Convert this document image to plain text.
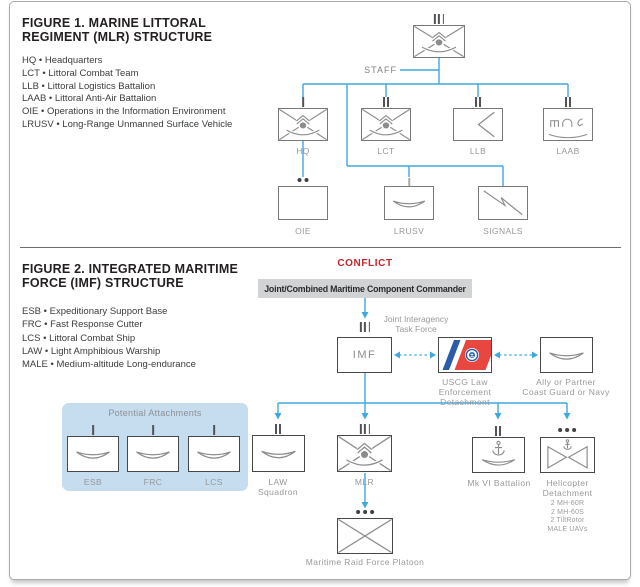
FIGURE 1. MARINE LITTORAL
REGIMENT (MLR) STRUCTURE
HQ • Headquarters
LCT • Littoral Combat Team
LLB • Littoral Logistics Battalion
LAAB • Littoral Anti-Air Battalion
OIE • Operations in the Information Environment
LRUSV • Long-Range Unmanned Surface Vehicle
STAFF
HQ	LCT	LLB	LAAB
OIE	LRUSV	SIGNALS
FIGURE 2. INTEGRATED MARITIME
FORCE (IMF) STRUCTURE
ESB • Expeditionary Support Base
FRC • Fast Response Cutter
LCS • Littoral Combat Ship
LAW • Light Amphibious Warship
MALE • Medium-altitude Long-endurance
CONFLICT
Joint/Combined Maritime Component Commander
Joint Interagency
Task Force
IMF
USCG Law Enforcement
Detachment
Ally or Partner
Coast Guard or Navy
Potential Attachments
ESB	FRC	LCS	LAW
Squadron
MLR	Mk VI Battalion	Helicopter
Detachment
2 MH-60R
2 MH-60S
2 TiltRotor
MALE UAVs
Maritime Raid Force Platoon
